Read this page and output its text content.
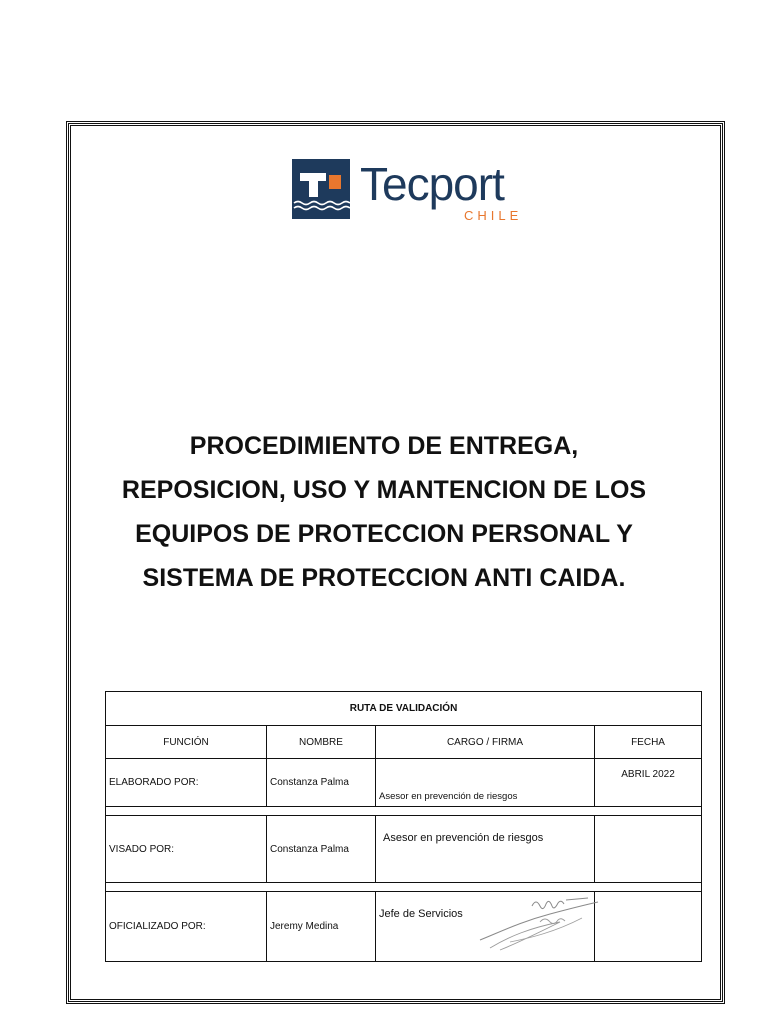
Tecport
CHILE
PROCEDIMIENTO DE ENTREGA,
REPOSICION, USO Y MANTENCION DE LOS
EQUIPOS DE PROTECCION PERSONAL Y
SISTEMA DE PROTECCION ANTI CAIDA.
RUTA DE VALIDACIÓN			
FUNCIÓN	NOMBRE	CARGO / FIRMA	FECHA
ELABORADO POR:	Constanza Palma	Asesor en prevención de riesgos	ABRIL 2022

VISADO POR:	Constanza Palma	Asesor en prevención de riesgos	

OFICIALIZADO POR:	Jeremy Medina	Jefe de Servicios
